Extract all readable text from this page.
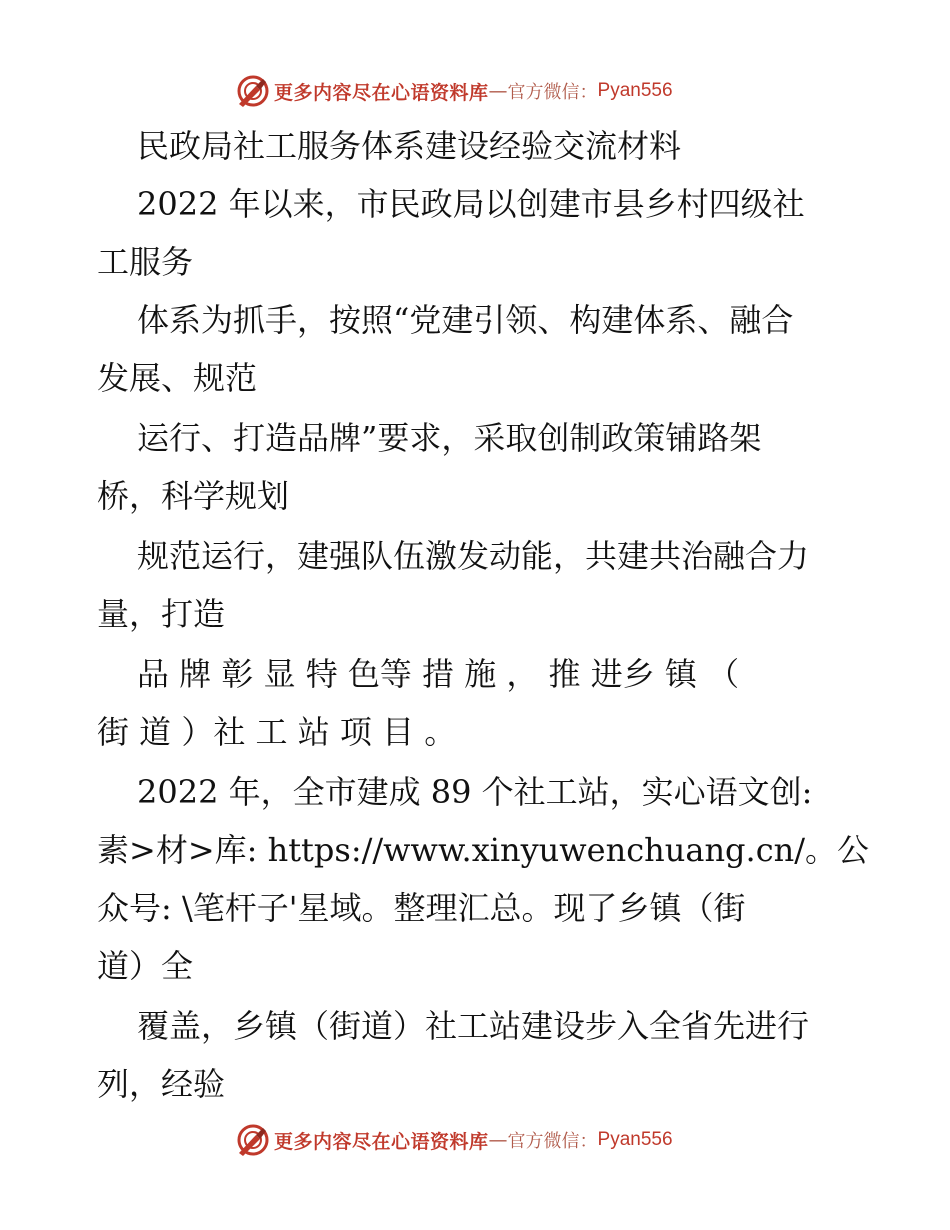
更多内容尽在心语资料库 — 官方微信： Pyan556
民政局社工服务体系建设经验交流材料
2022 年以来，市民政局以创建市县乡村四级社
工服务
体系为抓手，按照“党建引领、构建体系、融合
发展、规范
运行、打造品牌”要求，采取创制政策铺路架
桥，科学规划
规范运行，建强队伍激发动能，共建共治融合力
量，打造
品 牌 彰 显 特 色等 措 施 ， 推 进乡 镇 （
街 道 ）社 工 站 项 目 。
2022 年，全市建成 89 个社工站，实心语文创:
素>材>库: https://www.xinyuwenchuang.cn/。公
众号: \笔杆子'星域。整理汇总。现了乡镇（街
道）全
覆盖，乡镇（街道）社工站建设步入全省先进行
列，经验
更多内容尽在心语资料库 — 官方微信： Pyan556
